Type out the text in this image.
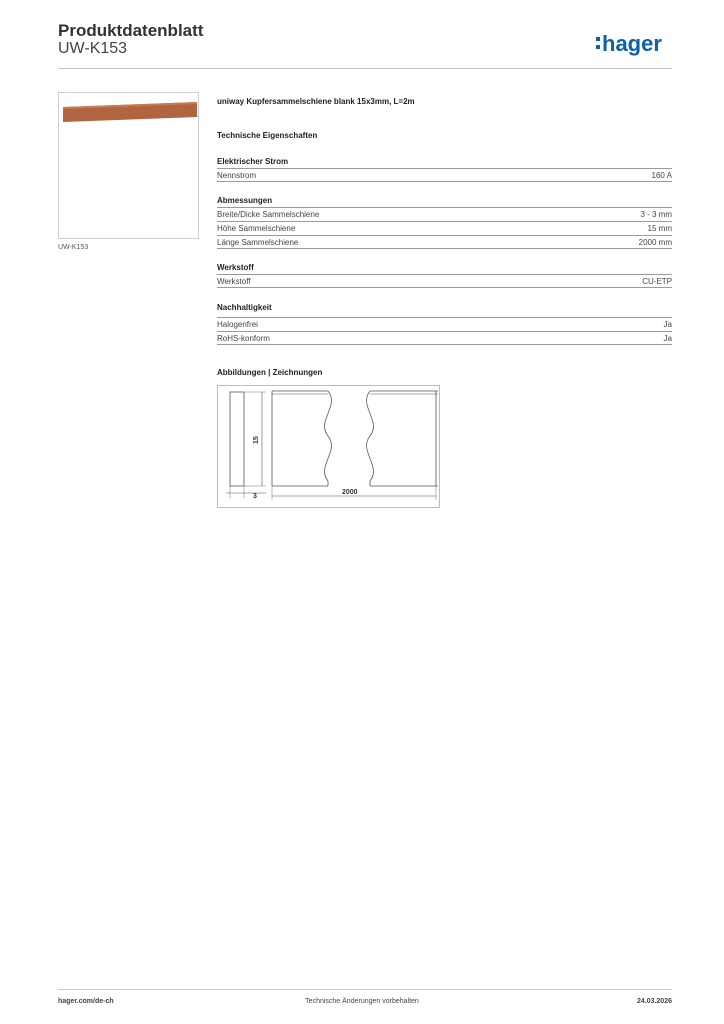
Produktdatenblatt
UW-K153	hager
UW-K153
uniway Kupfersammelschiene blank 15x3mm, L=2m
Technische Eigenschaften
Elektrischer Strom
Nennstrom	160 A
Abmessungen
Breite/Dicke Sammelschiene	3 - 3 mm
Höhe Sammelschiene	15 mm
Länge Sammelschiene	2000 mm
Werkstoff
Werkstoff	CU-ETP
Nachhaltigkeit
Halogenfrei	Ja
RoHS-konform	Ja
Abbildungen | Zeichnungen
3
15
2000
hager.com/de-ch	Technische Änderungen vorbehalten	24.03.2026
